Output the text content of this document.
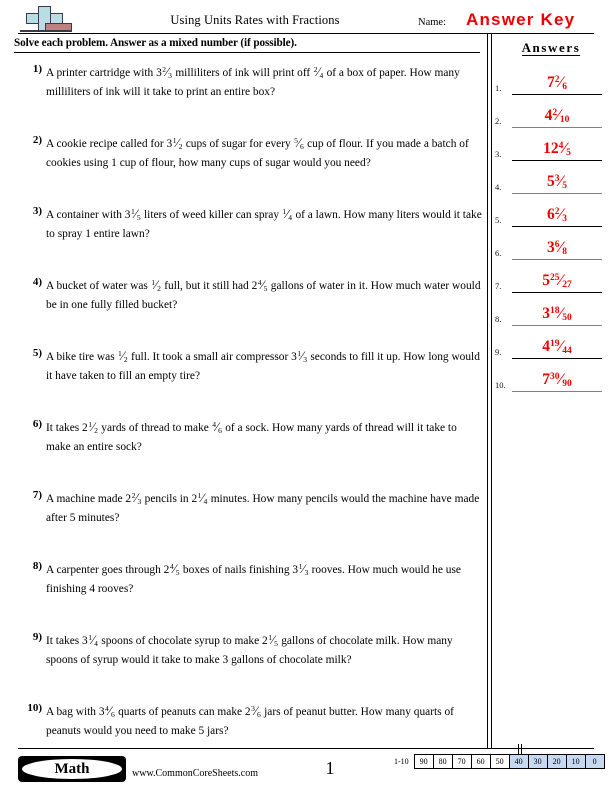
Using Units Rates with Fractions	Name: Answer Key
Solve each problem. Answer as a mixed number (if possible).
1) A printer cartridge with $3^2⁄3$ milliliters of ink will print off $^2$⁄4 of a box of paper. How many milliliters of ink will it take to print an entire box?
2) A cookie recipe called for $3^1⁄2$ cups of sugar for every $^5$⁄6 cup of flour. If you made a batch of cookies using 1 cup of flour, how many cups of sugar would you need?
3) A container with $3^1⁄5$ liters of weed killer can spray $^1$⁄4 of a lawn. How many liters would it take to spray 1 entire lawn?
4) A bucket of water was $^1$⁄2 full, but it still had $2^4⁄5$ gallons of water in it. How much water would be in one fully filled bucket?
5) A bike tire was $^1$⁄2 full. It took a small air compressor $3^1⁄3$ seconds to fill it up. How long would it have taken to fill an empty tire?
6) It takes $2^1⁄2$ yards of thread to make $^4$⁄6 of a sock. How many yards of thread will it take to make an entire sock?
7) A machine made $2^2⁄3$ pencils in $2^1⁄4$ minutes. How many pencils would the machine have made after 5 minutes?
8) A carpenter goes through $2^4⁄5$ boxes of nails finishing $3^1⁄3$ rooves. How much would he use finishing 4 rooves?
9) It takes $3^1⁄4$ spoons of chocolate syrup to make $2^1⁄5$ gallons of chocolate milk. How many spoons of syrup would it take to make 3 gallons of chocolate milk?
10) A bag with $3^4⁄6$ quarts of peanuts can make $2^3⁄6$ jars of peanut butter. How many quarts of peanuts would you need to make 5 jars?
Answers
1.	$7^2⁄6$
2.	$4^2⁄10$
3.	$12^4⁄5$
4.	$5^3⁄5$
5.	$6^2⁄3$
6.	$3^6⁄8$
7.	$5^{25}⁄27$
8.	$3^{18}⁄50$
9.	$4^{19}⁄44$
10.	$7^{30}⁄90$
Math	www.CommonCoreSheets.com	1	1-10	90	80	70	60	50	40	30	20	10	0
